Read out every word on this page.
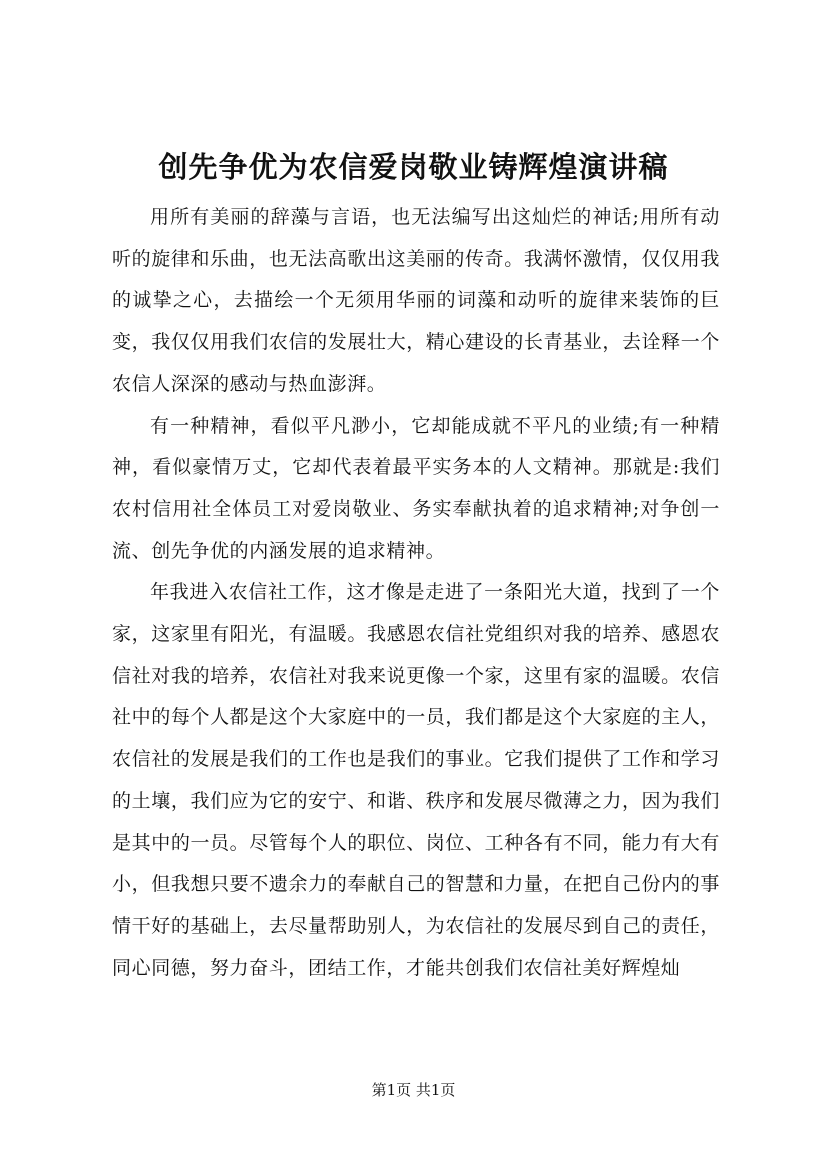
创先争优为农信爱岗敬业铸辉煌演讲稿

用所有美丽的辞藻与言语，也无法编写出这灿烂的神话;用所有动听的旋律和乐曲，也无法高歌出这美丽的传奇。我满怀激情，仅仅用我的诚挚之心，去描绘一个无须用华丽的词藻和动听的旋律来装饰的巨变，我仅仅用我们农信的发展壮大，精心建设的长青基业，去诠释一个农信人深深的感动与热血澎湃。

有一种精神，看似平凡渺小，它却能成就不平凡的业绩;有一种精神，看似豪情万丈，它却代表着最平实务本的人文精神。那就是:我们农村信用社全体员工对爱岗敬业、务实奉献执着的追求精神;对争创一流、创先争优的内涵发展的追求精神。

年我进入农信社工作，这才像是走进了一条阳光大道，找到了一个家，这家里有阳光，有温暖。我感恩农信社党组织对我的培养、感恩农信社对我的培养，农信社对我来说更像一个家，这里有家的温暖。农信社中的每个人都是这个大家庭中的一员，我们都是这个大家庭的主人，农信社的发展是我们的工作也是我们的事业。它我们提供了工作和学习的土壤，我们应为它的安宁、和谐、秩序和发展尽微薄之力，因为我们是其中的一员。尽管每个人的职位、岗位、工种各有不同，能力有大有小，但我想只要不遗余力的奉献自己的智慧和力量，在把自己份内的事情干好的基础上，去尽量帮助别人，为农信社的发展尽到自己的责任，同心同德，努力奋斗，团结工作，才能共创我们农信社美好辉煌灿

第1页 共1页
